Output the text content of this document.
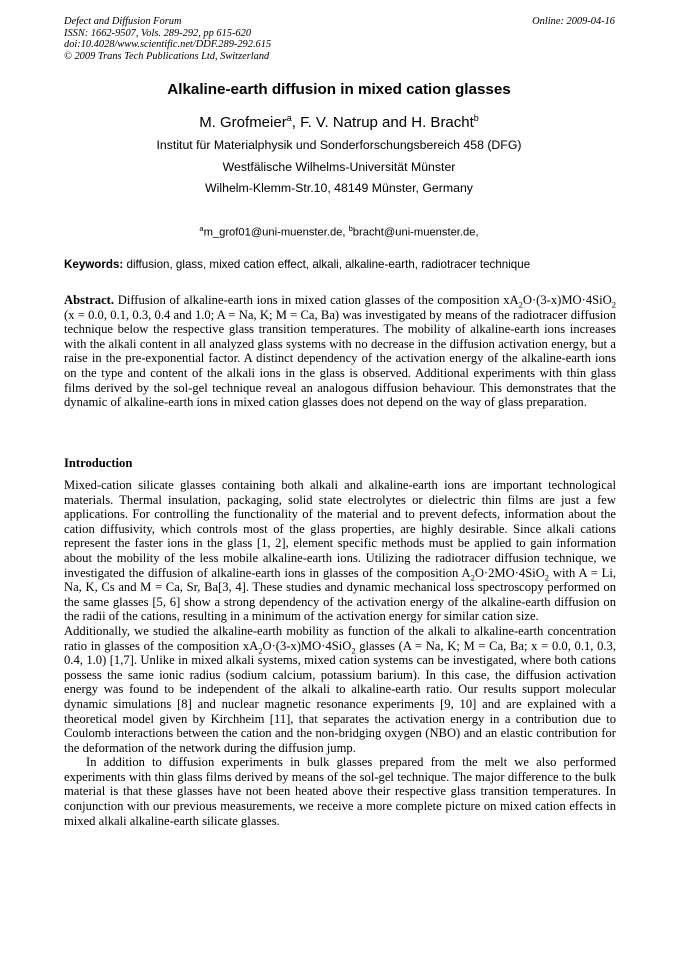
Defect and Diffusion Forum
ISSN: 1662-9507, Vols. 289-292, pp 615-620
doi:10.4028/www.scientific.net/DDF.289-292.615
© 2009 Trans Tech Publications Ltd, Switzerland
Online: 2009-04-16
Alkaline-earth diffusion in mixed cation glasses
M. Grofmeier$^a$, F. V. Natrup and H. Bracht$^b$
Institut für Materialphysik und Sonderforschungsbereich 458 (DFG)
Westfälische Wilhelms-Universität Münster
Wilhelm-Klemm-Str.10, 48149 Münster, Germany
$^a$m_grof01@uni-muenster.de, $^b$bracht@uni-muenster.de,
Keywords: diffusion, glass, mixed cation effect, alkali, alkaline-earth, radiotracer technique
Abstract. Diffusion of alkaline-earth ions in mixed cation glasses of the composition $xA_2O\cdot(3-x)MO\cdot 4SiO_2$ (x = 0.0, 0.1, 0.3, 0.4 and 1.0; A = Na, K; M = Ca, Ba) was investigated by means of the radiotracer diffusion technique below the respective glass transition temperatures. The mobility of alkaline-earth ions increases with the alkali content in all analyzed glass systems with no decrease in the diffusion activation energy, but a raise in the pre-exponential factor. A distinct dependency of the activation energy of the alkaline-earth ions on the type and content of the alkali ions in the glass is observed. Additional experiments with thin glass films derived by the sol-gel technique reveal an analogous diffusion behaviour. This demonstrates that the dynamic of alkaline-earth ions in mixed cation glasses does not depend on the way of glass preparation.
Introduction

Mixed-cation silicate glasses containing both alkali and alkaline-earth ions are important technological materials. Thermal insulation, packaging, solid state electrolytes or dielectric thin films are just a few applications. For controlling the functionality of the material and to prevent defects, information about the cation diffusivity, which controls most of the glass properties, are highly desirable. Since alkali cations represent the faster ions in the glass [1, 2], element specific methods must be applied to gain information about the mobility of the less mobile alkaline-earth ions. Utilizing the radiotracer diffusion technique, we investigated the diffusion of alkaline-earth ions in glasses of the composition $A_2O\cdot 2MO\cdot 4SiO_2$ with A = Li, Na, K, Cs and M = Ca, Sr, Ba[3, 4]. These studies and dynamic mechanical loss spectroscopy performed on the same glasses [5, 6] show a strong dependency of the activation energy of the alkaline-earth diffusion on the radii of the cations, resulting in a minimum of the activation energy for similar cation size.

Additionally, we studied the alkaline-earth mobility as function of the alkali to alkaline-earth concentration ratio in glasses of the composition $xA_2O\cdot(3-x)MO\cdot 4SiO_2$ glasses (A = Na, K; M = Ca, Ba; x = 0.0, 0.1, 0.3, 0.4, 1.0) [1,7]. Unlike in mixed alkali systems, mixed cation systems can be investigated, where both cations possess the same ionic radius (sodium calcium, potassium barium). In this case, the diffusion activation energy was found to be independent of the alkali to alkaline-earth ratio. Our results support molecular dynamic simulations [8] and nuclear magnetic resonance experiments [9, 10] and are explained with a theoretical model given by Kirchheim [11], that separates the activation energy in a contribution due to Coulomb interactions between the cation and the non-bridging oxygen (NBO) and an elastic contribution for the deformation of the network during the diffusion jump.

In addition to diffusion experiments in bulk glasses prepared from the melt we also performed experiments with thin glass films derived by means of the sol-gel technique. The major difference to the bulk material is that these glasses have not been heated above their respective glass transition temperatures. In conjunction with our previous measurements, we receive a more complete picture on mixed cation effects in mixed alkali alkaline-earth silicate glasses.
